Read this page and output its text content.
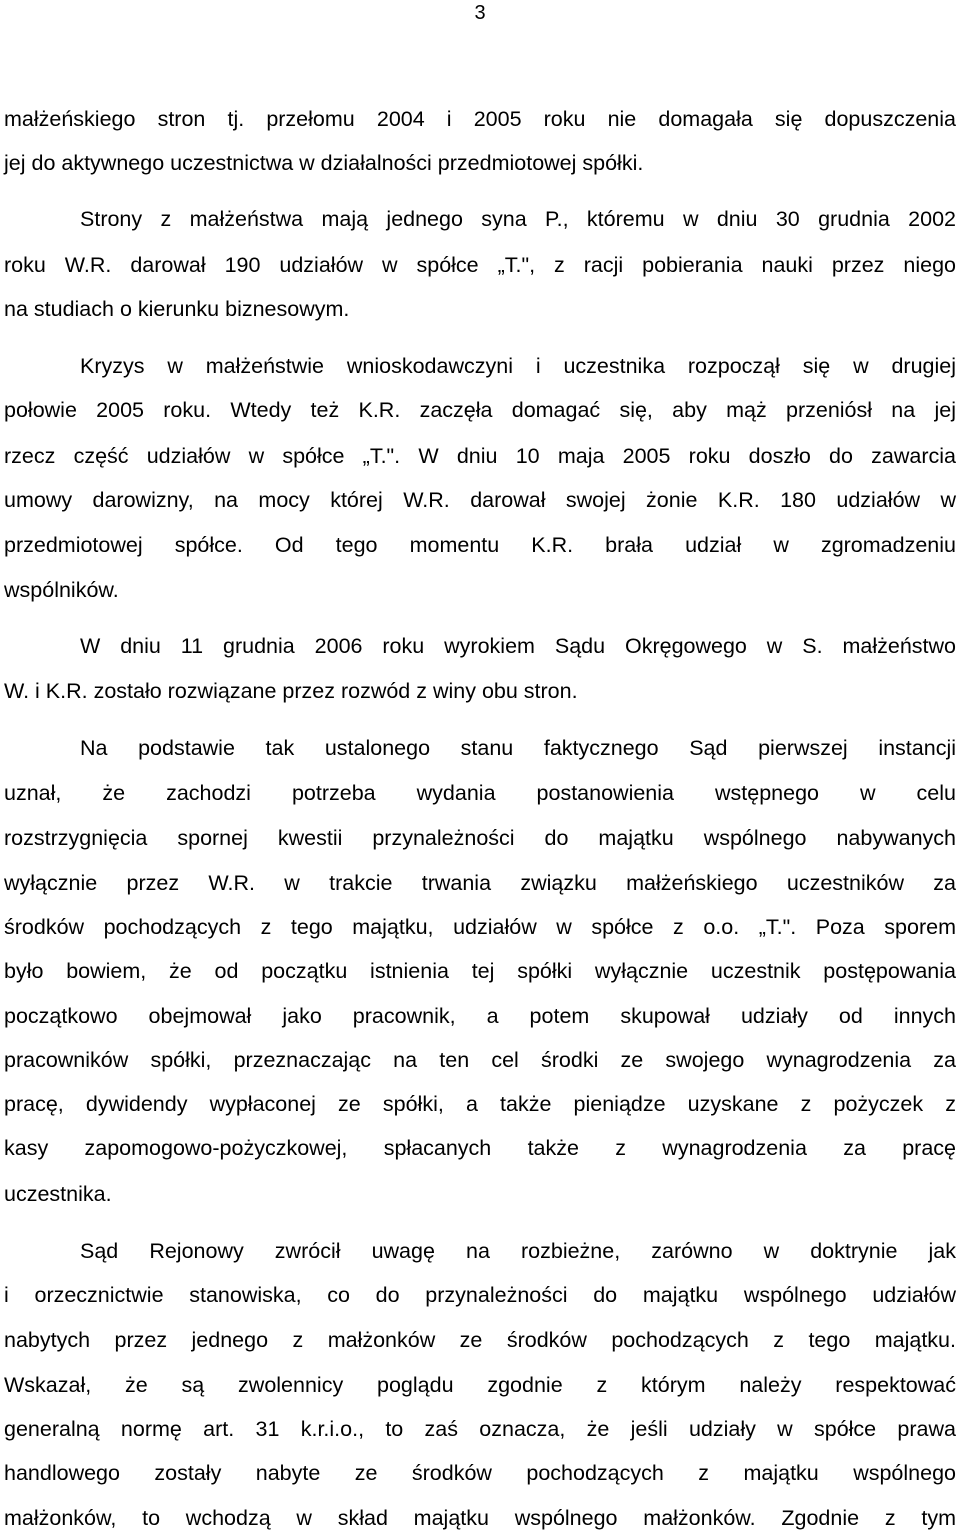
3
małżeńskiego stron tj. przełomu 2004 i 2005 roku nie domagała się dopuszczenia
jej do aktywnego uczestnictwa w działalności przedmiotowej spółki.
Strony z małżeństwa mają jednego syna P., któremu w dniu 30 grudnia 2002
roku W.R. darował 190 udziałów w spółce „T.", z racji pobierania nauki przez niego
na studiach o kierunku biznesowym.
Kryzys w małżeństwie wnioskodawczyni i uczestnika rozpoczął się w drugiej
połowie 2005 roku. Wtedy też K.R. zaczęła domagać się, aby mąż przeniósł na jej
rzecz część udziałów w spółce „T.". W dniu 10 maja 2005 roku doszło do zawarcia
umowy darowizny, na mocy której W.R. darował swojej żonie K.R. 180 udziałów w
przedmiotowej spółce. Od tego momentu K.R. brała udział w zgromadzeniu
wspólników.
W dniu 11 grudnia 2006 roku wyrokiem Sądu Okręgowego w S. małżeństwo
W. i K.R. zostało rozwiązane przez rozwód z winy obu stron.
Na podstawie tak ustalonego stanu faktycznego Sąd pierwszej instancji
uznał, że zachodzi potrzeba wydania postanowienia wstępnego w celu
rozstrzygnięcia spornej kwestii przynależności do majątku wspólnego nabywanych
wyłącznie przez W.R. w trakcie trwania związku małżeńskiego uczestników za
środków pochodzących z tego majątku, udziałów w spółce z o.o. „T.". Poza sporem
było bowiem, że od początku istnienia tej spółki wyłącznie uczestnik postępowania
początkowo obejmował jako pracownik, a potem skupował udziały od innych
pracowników spółki, przeznaczając na ten cel środki ze swojego wynagrodzenia za
pracę, dywidendy wypłaconej ze spółki, a także pieniądze uzyskane z pożyczek z
kasy zapomogowo-pożyczkowej, spłacanych także z wynagrodzenia za pracę
uczestnika.
Sąd Rejonowy zwrócił uwagę na rozbieżne, zarówno w doktrynie jak
i orzecznictwie stanowiska, co do przynależności do majątku wspólnego udziałów
nabytych przez jednego z małżonków ze środków pochodzących z tego majątku.
Wskazał, że są zwolennicy poglądu zgodnie z którym należy respektować
generalną normę art. 31 k.r.i.o., to zaś oznacza, że jeśli udziały w spółce prawa
handlowego zostały nabyte ze środków pochodzących z majątku wspólnego
małżonków, to wchodzą w skład majątku wspólnego małżonków. Zgodnie z tym
